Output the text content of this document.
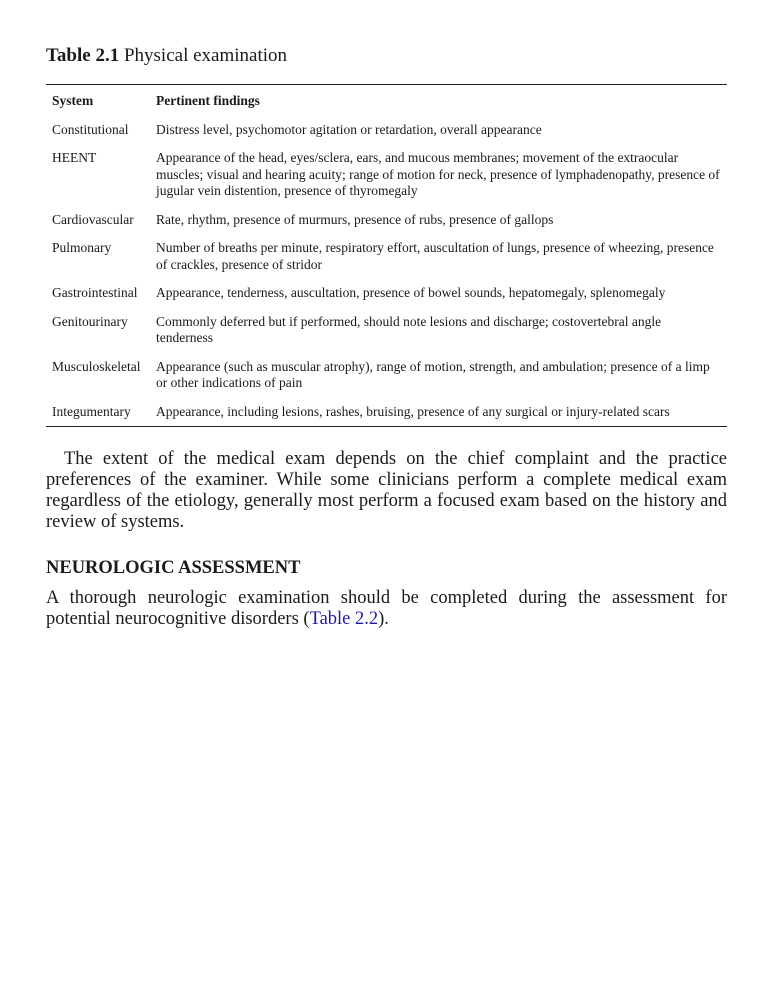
Table 2.1 Physical examination

System	Pertinent findings
Constitutional	Distress level, psychomotor agitation or retardation, overall appearance
HEENT	Appearance of the head, eyes/sclera, ears, and mucous membranes; movement of the extraocular muscles; visual and hearing acuity; range of motion for neck, presence of lymphadenopathy, presence of jugular vein distention, presence of thyromegaly
Cardiovascular	Rate, rhythm, presence of murmurs, presence of rubs, presence of gallops
Pulmonary	Number of breaths per minute, respiratory effort, auscultation of lungs, presence of wheezing, presence of crackles, presence of stridor
Gastrointestinal	Appearance, tenderness, auscultation, presence of bowel sounds, hepatomegaly, splenomegaly
Genitourinary	Commonly deferred but if performed, should note lesions and discharge; costovertebral angle tenderness
Musculoskeletal	Appearance (such as muscular atrophy), range of motion, strength, and ambulation; presence of a limp or other indications of pain
Integumentary	Appearance, including lesions, rashes, bruising, presence of any surgical or injury-related scars

The extent of the medical exam depends on the chief complaint and the practice preferences of the examiner. While some clinicians perform a complete medical exam regardless of the etiology, generally most perform a focused exam based on the history and review of systems.

NEUROLOGIC ASSESSMENT

A thorough neurologic examination should be completed during the assessment for potential neurocognitive disorders (Table 2.2).
